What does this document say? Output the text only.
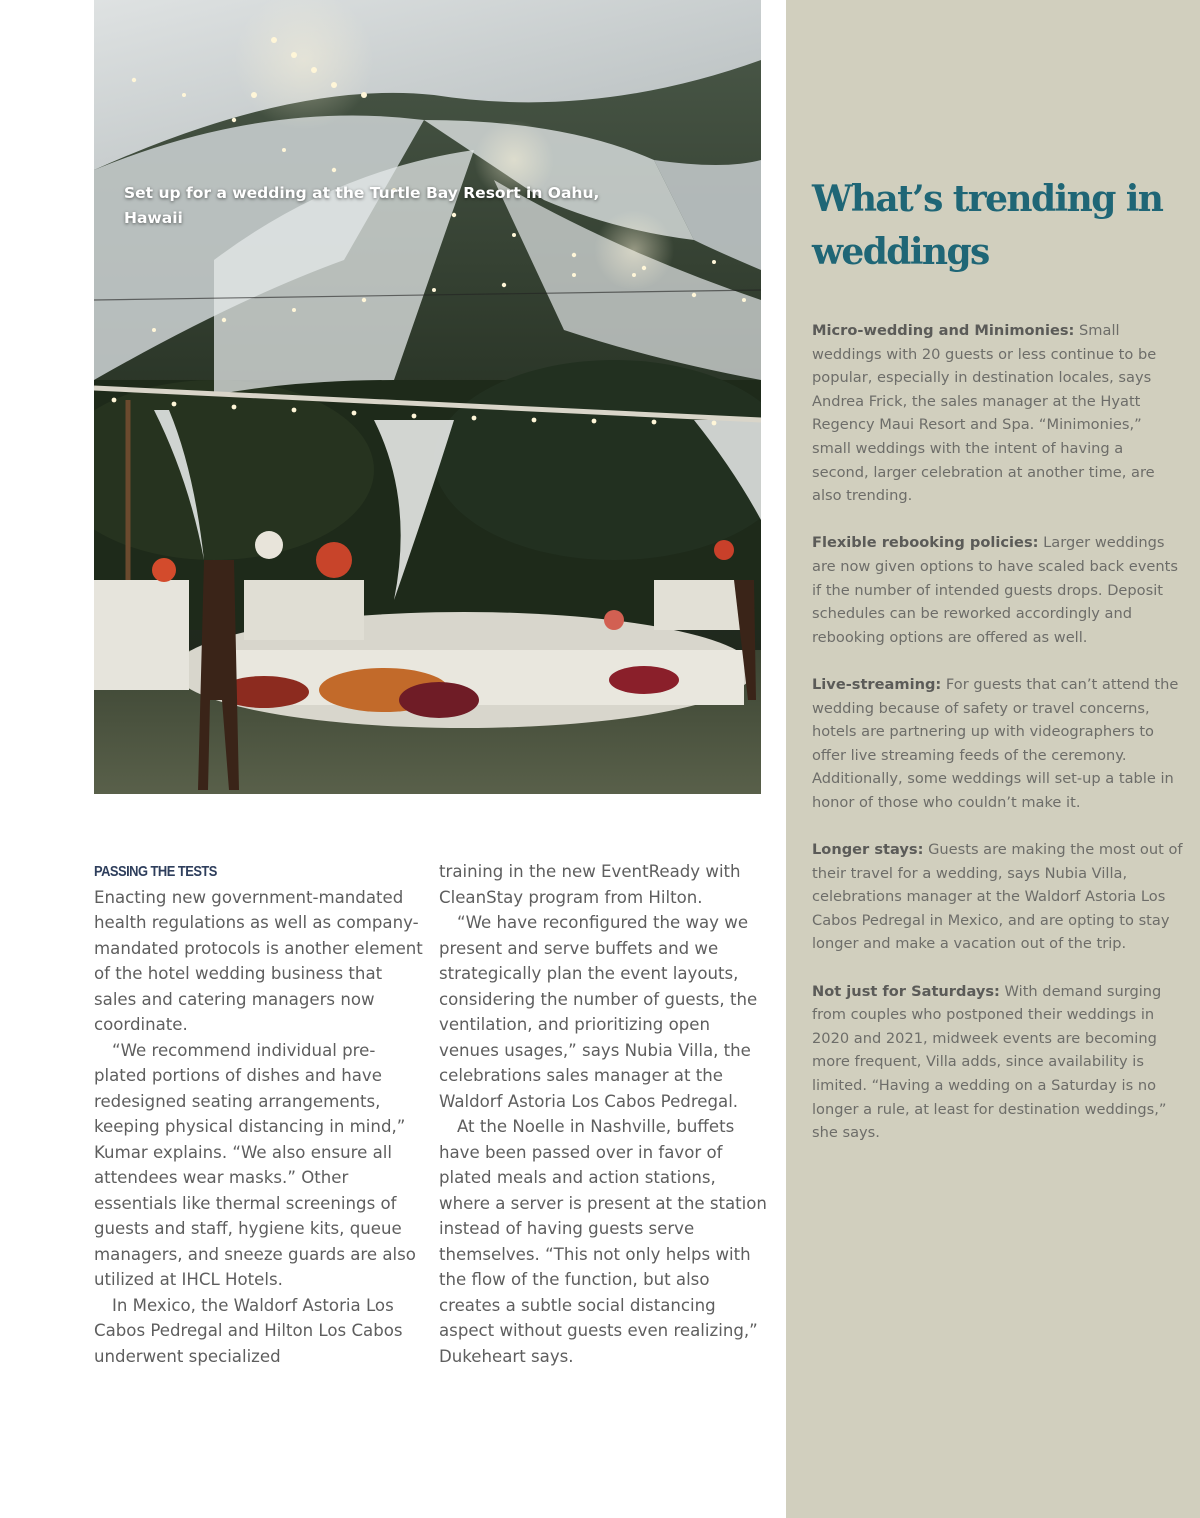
What’s trending in weddings

Micro-wedding and Minimonies: Small weddings with 20 guests or less continue to be popular, especially in destination locales, says Andrea Frick, the sales manager at the Hyatt Regency Maui Resort and Spa. “Minimonies,” small weddings with the intent of having a second, larger celebration at another time, are also trending.

Flexible rebooking policies: Larger weddings are now given options to have scaled back events if the number of intended guests drops. Deposit schedules can be reworked accordingly and rebooking options are offered as well.

Live-streaming: For guests that can’t attend the wedding because of safety or travel concerns, hotels are partnering up with videographers to offer live streaming feeds of the ceremony. Additionally, some weddings will set-up a table in honor of those who couldn’t make it.

Longer stays: Guests are making the most out of their travel for a wedding, says Nubia Villa, celebrations manager at the Waldorf Astoria Los Cabos Pedregal in Mexico, and are opting to stay longer and make a vacation out of the trip.

Not just for Saturdays: With demand surging from couples who postponed their weddings in 2020 and 2021, midweek events are becoming more frequent, Villa adds, since availability is limited. “Having a wedding on a Saturday is no longer a rule, at least for destination weddings,” she says.

Set up for a wedding at the Turtle Bay Resort in Oahu, Hawaii
PASSING THE TESTS

Enacting new government-mandated health regulations as well as company-mandated protocols is another element of the hotel wedding business that sales and catering managers now coordinate.

“We recommend individual pre-plated portions of dishes and have redesigned seating arrangements, keeping physical distancing in mind,” Kumar explains. “We also ensure all attendees wear masks.” Other essentials like thermal screenings of guests and staff, hygiene kits, queue managers, and sneeze guards are also utilized at IHCL Hotels.

In Mexico, the Waldorf Astoria Los Cabos Pedregal and Hilton Los Cabos underwent specialized

training in the new EventReady with CleanStay program from Hilton.

“We have reconfigured the way we present and serve buffets and we strategically plan the event layouts, considering the number of guests, the ventilation, and prioritizing open venues usages,” says Nubia Villa, the celebrations sales manager at the Waldorf Astoria Los Cabos Pedregal.

At the Noelle in Nashville, buffets have been passed over in favor of plated meals and action stations, where a server is present at the station instead of having guests serve themselves. “This not only helps with the flow of the function, but also creates a subtle social distancing aspect without guests even realizing,” Dukeheart says.
